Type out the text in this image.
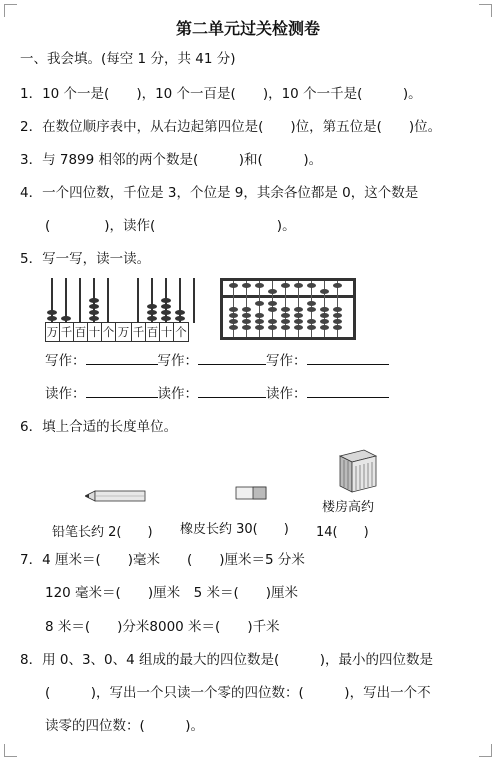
第二单元过关检测卷
一、我会填。(每空 1 分，共 41 分)
1．10 个一是(　　)，10 个一百是(　　)，10 个一千是(　　　)。
2．在数位顺序表中，从右边起第四位是(　　)位，第五位是(　　)位。
3．与 7899 相邻的两个数是(　　　)和(　　　)。
4．一个四位数，千位是 3，个位是 9，其余各位都是 0，这个数是
(　　　　)，读作(　　　　　　　　　)。
5．写一写，读一读。
万 千 百 十 个 万 千 百 十 个
写作：	写作：	写作：
读作：	读作：	读作：
6．填上合适的长度单位。
铅笔长约 2(　　) 橡皮长约 30(　　)
楼房高约
14(　　)
7．4 厘米＝(　　)毫米　　(　　)厘米＝5 分米
120 毫米＝(　　)厘米　5 米＝(　　)厘米
8 米＝(　　)分米8000 米＝(　　)千米
8．用 0、3、0、4 组成的最大的四位数是(　　　)，最小的四位数是
(　　　)，写出一个只读一个零的四位数：(　　　)，写出一个不
读零的四位数：(　　　)。
